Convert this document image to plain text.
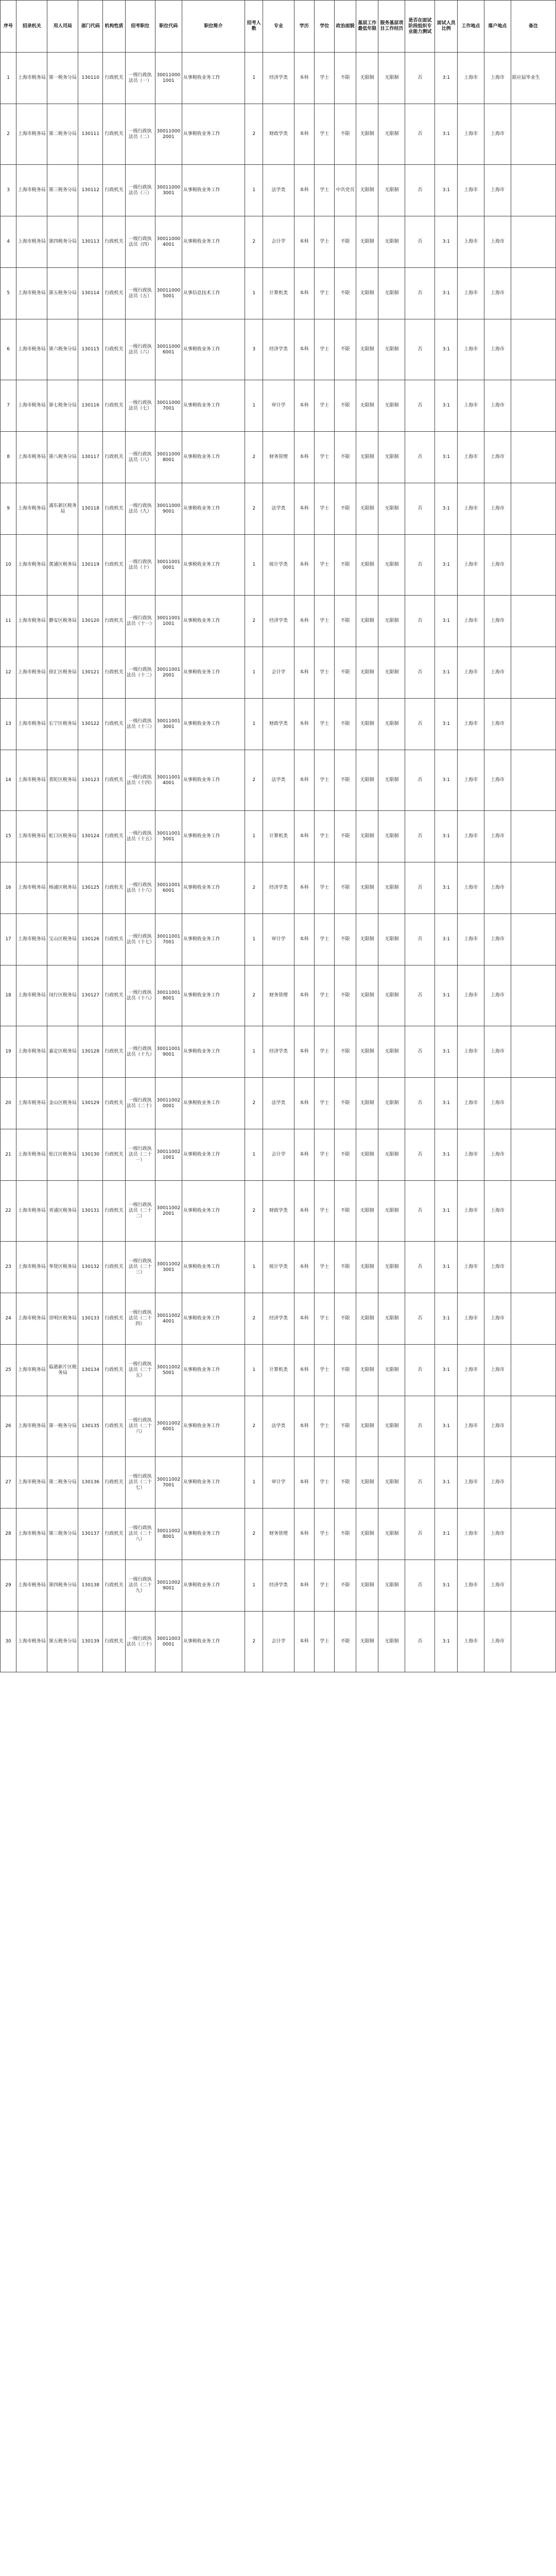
序号	招录机关	用人司局	部门代码	机构性质	招考职位	职位代码	职位简介	招考人数	专业	学历	学位	政治面貌	基层工作最低年限	服务基层项目工作经历	是否在面试阶段组织专业能力测试	面试人员比例	工作地点	落户地点	备注
1	上海市税务局	第一税务分局	130110	行政机关	一级行政执法员（一）	300110001001	从事税收业务工作	1	经济学类	本科	学士	不限	无限制	无限制	否	3:1	上海市	上海市	限应届毕业生
2	上海市税务局	第二税务分局	130111	行政机关	一级行政执法员（二）	300110002001	从事税收业务工作	2	财政学类	本科	学士	不限	无限制	无限制	否	3:1	上海市	上海市	
3	上海市税务局	第三税务分局	130112	行政机关	一级行政执法员（三）	300110003001	从事税收业务工作	1	法学类	本科	学士	中共党员	无限制	无限制	否	3:1	上海市	上海市	
4	上海市税务局	第四税务分局	130113	行政机关	一级行政执法员（四）	300110004001	从事税收业务工作	2	会计学	本科	学士	不限	无限制	无限制	否	3:1	上海市	上海市	
5	上海市税务局	第五税务分局	130114	行政机关	一级行政执法员（五）	300110005001	从事信息技术工作	1	计算机类	本科	学士	不限	无限制	无限制	否	3:1	上海市	上海市	
6	上海市税务局	第六税务分局	130115	行政机关	一级行政执法员（六）	300110006001	从事税收业务工作	3	经济学类	本科	学士	不限	无限制	无限制	否	3:1	上海市	上海市	
7	上海市税务局	第七税务分局	130116	行政机关	一级行政执法员（七）	300110007001	从事税收业务工作	1	审计学	本科	学士	不限	无限制	无限制	否	3:1	上海市	上海市	
8	上海市税务局	第八税务分局	130117	行政机关	一级行政执法员（八）	300110008001	从事税收业务工作	2	财务管理	本科	学士	不限	无限制	无限制	否	3:1	上海市	上海市	
9	上海市税务局	浦东新区税务局	130118	行政机关	一级行政执法员（九）	300110009001	从事税收业务工作	2	法学类	本科	学士	不限	无限制	无限制	否	3:1	上海市	上海市	
10	上海市税务局	黄浦区税务局	130119	行政机关	一级行政执法员（十）	300110010001	从事税收业务工作	1	统计学类	本科	学士	不限	无限制	无限制	否	3:1	上海市	上海市	
11	上海市税务局	静安区税务局	130120	行政机关	一级行政执法员（十一）	300110011001	从事税收业务工作	2	经济学类	本科	学士	不限	无限制	无限制	否	3:1	上海市	上海市	
12	上海市税务局	徐汇区税务局	130121	行政机关	一级行政执法员（十二）	300110012001	从事税收业务工作	1	会计学	本科	学士	不限	无限制	无限制	否	3:1	上海市	上海市	
13	上海市税务局	长宁区税务局	130122	行政机关	一级行政执法员（十三）	300110013001	从事税收业务工作	1	财政学类	本科	学士	不限	无限制	无限制	否	3:1	上海市	上海市	
14	上海市税务局	普陀区税务局	130123	行政机关	一级行政执法员（十四）	300110014001	从事税收业务工作	2	法学类	本科	学士	不限	无限制	无限制	否	3:1	上海市	上海市	
15	上海市税务局	虹口区税务局	130124	行政机关	一级行政执法员（十五）	300110015001	从事税收业务工作	1	计算机类	本科	学士	不限	无限制	无限制	否	3:1	上海市	上海市	
16	上海市税务局	杨浦区税务局	130125	行政机关	一级行政执法员（十六）	300110016001	从事税收业务工作	2	经济学类	本科	学士	不限	无限制	无限制	否	3:1	上海市	上海市	
17	上海市税务局	宝山区税务局	130126	行政机关	一级行政执法员（十七）	300110017001	从事税收业务工作	1	审计学	本科	学士	不限	无限制	无限制	否	3:1	上海市	上海市	
18	上海市税务局	闵行区税务局	130127	行政机关	一级行政执法员（十八）	300110018001	从事税收业务工作	2	财务管理	本科	学士	不限	无限制	无限制	否	3:1	上海市	上海市	
19	上海市税务局	嘉定区税务局	130128	行政机关	一级行政执法员（十九）	300110019001	从事税收业务工作	1	经济学类	本科	学士	不限	无限制	无限制	否	3:1	上海市	上海市	
20	上海市税务局	金山区税务局	130129	行政机关	一级行政执法员（二十）	300110020001	从事税收业务工作	2	法学类	本科	学士	不限	无限制	无限制	否	3:1	上海市	上海市	
21	上海市税务局	松江区税务局	130130	行政机关	一级行政执法员（二十一）	300110021001	从事税收业务工作	1	会计学	本科	学士	不限	无限制	无限制	否	3:1	上海市	上海市	
22	上海市税务局	青浦区税务局	130131	行政机关	一级行政执法员（二十二）	300110022001	从事税收业务工作	2	财政学类	本科	学士	不限	无限制	无限制	否	3:1	上海市	上海市	
23	上海市税务局	奉贤区税务局	130132	行政机关	一级行政执法员（二十三）	300110023001	从事税收业务工作	1	统计学类	本科	学士	不限	无限制	无限制	否	3:1	上海市	上海市	
24	上海市税务局	崇明区税务局	130133	行政机关	一级行政执法员（二十四）	300110024001	从事税收业务工作	2	经济学类	本科	学士	不限	无限制	无限制	否	3:1	上海市	上海市	
25	上海市税务局	临港新片区税务局	130134	行政机关	一级行政执法员（二十五）	300110025001	从事税收业务工作	1	计算机类	本科	学士	不限	无限制	无限制	否	3:1	上海市	上海市	
26	上海市税务局	第一税务分局	130135	行政机关	一级行政执法员（二十六）	300110026001	从事税收业务工作	2	法学类	本科	学士	不限	无限制	无限制	否	3:1	上海市	上海市	
27	上海市税务局	第二税务分局	130136	行政机关	一级行政执法员（二十七）	300110027001	从事税收业务工作	1	审计学	本科	学士	不限	无限制	无限制	否	3:1	上海市	上海市	
28	上海市税务局	第三税务分局	130137	行政机关	一级行政执法员（二十八）	300110028001	从事税收业务工作	2	财务管理	本科	学士	不限	无限制	无限制	否	3:1	上海市	上海市	
29	上海市税务局	第四税务分局	130138	行政机关	一级行政执法员（二十九）	300110029001	从事税收业务工作	1	经济学类	本科	学士	不限	无限制	无限制	否	3:1	上海市	上海市	
30	上海市税务局	第五税务分局	130139	行政机关	一级行政执法员（三十）	300110030001	从事税收业务工作	2	会计学	本科	学士	不限	无限制	无限制	否	3:1	上海市	上海市	
